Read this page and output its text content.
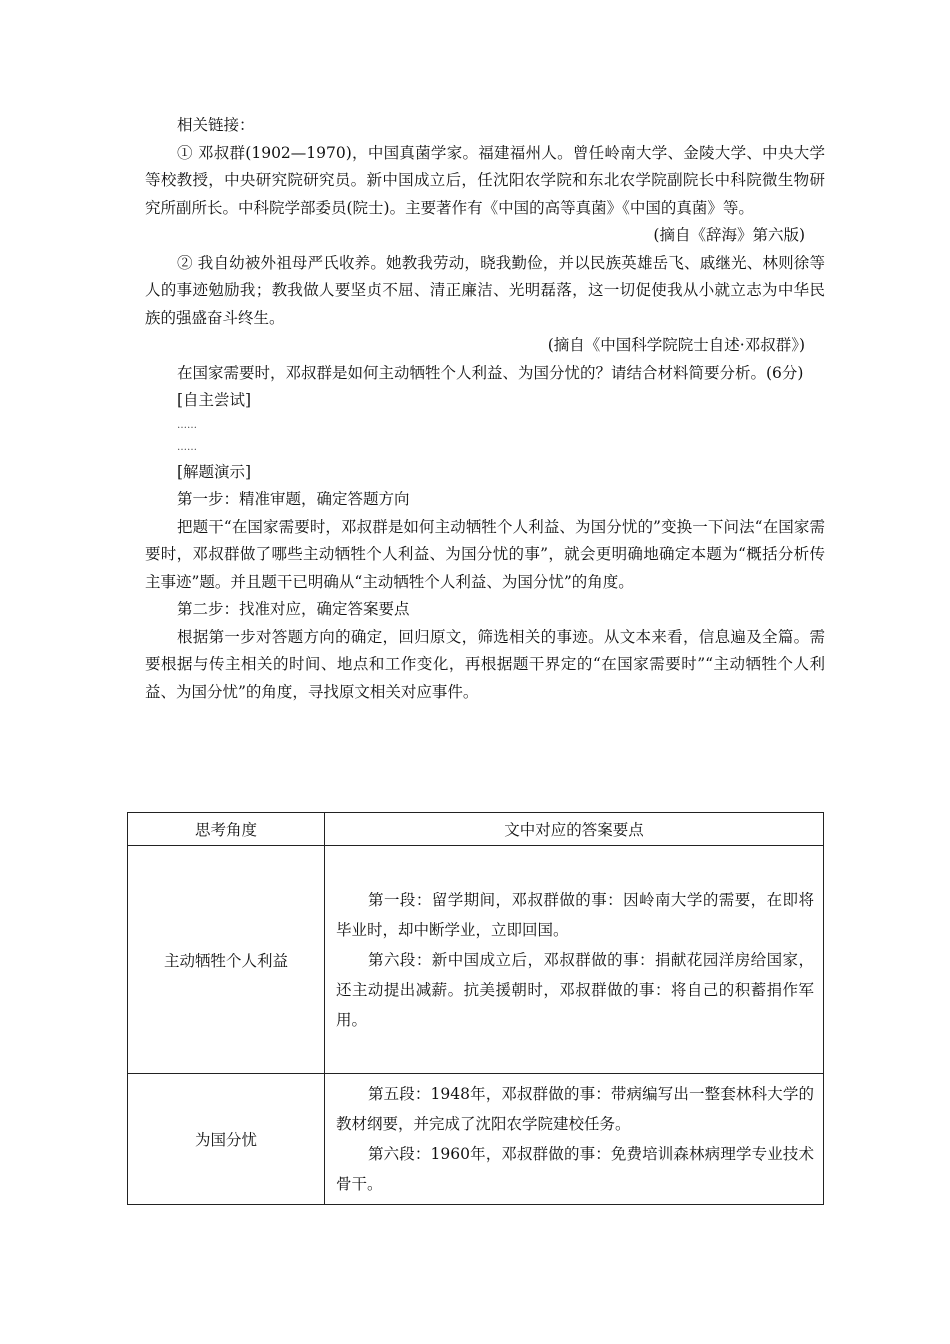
相关链接：

① 邓叔群(1902—1970)，中国真菌学家。福建福州人。曾任岭南大学、金陵大学、中央大学等校教授，中央研究院研究员。新中国成立后，任沈阳农学院和东北农学院副院长中科院微生物研究所副所长。中科院学部委员(院士)。主要著作有《中国的高等真菌》《中国的真菌》等。

(摘自《辞海》第六版)

② 我自幼被外祖母严氏收养。她教我劳动，晓我勤俭，并以民族英雄岳飞、戚继光、林则徐等人的事迹勉励我；教我做人要坚贞不屈、清正廉洁、光明磊落，这一切促使我从小就立志为中华民族的强盛奋斗终生。

(摘自《中国科学院院士自述·邓叔群》)

在国家需要时，邓叔群是如何主动牺牲个人利益、为国分忧的？请结合材料简要分析。(6分)

[自主尝试]

……

……

[解题演示]

第一步：精准审题，确定答题方向

把题干“在国家需要时，邓叔群是如何主动牺牲个人利益、为国分忧的”变换一下问法“在国家需要时，邓叔群做了哪些主动牺牲个人利益、为国分忧的事”，就会更明确地确定本题为“概括分析传主事迹”题。并且题干已明确从“主动牺牲个人利益、为国分忧”的角度。

第二步：找准对应，确定答案要点

根据第一步对答题方向的确定，回归原文，筛选相关的事迹。从文本来看，信息遍及全篇。需要根据与传主相关的时间、地点和工作变化，再根据题干界定的“在国家需要时”“主动牺牲个人利益、为国分忧”的角度，寻找原文相关对应事件。

思考角度	文中对应的答案要点
主动牺牲个人利益	第一段：留学期间，邓叔群做的事：因岭南大学的需要，在即将毕业时，却中断学业，立即回国。

第六段：新中国成立后，邓叔群做的事：捐献花园洋房给国家，还主动提出减薪。抗美援朝时，邓叔群做的事：将自己的积蓄捐作军用。

为国分忧	第五段：1948年，邓叔群做的事：带病编写出一整套林科大学的教材纲要，并完成了沈阳农学院建校任务。

第六段：1960年，邓叔群做的事：免费培训森林病理学专业技术骨干。
